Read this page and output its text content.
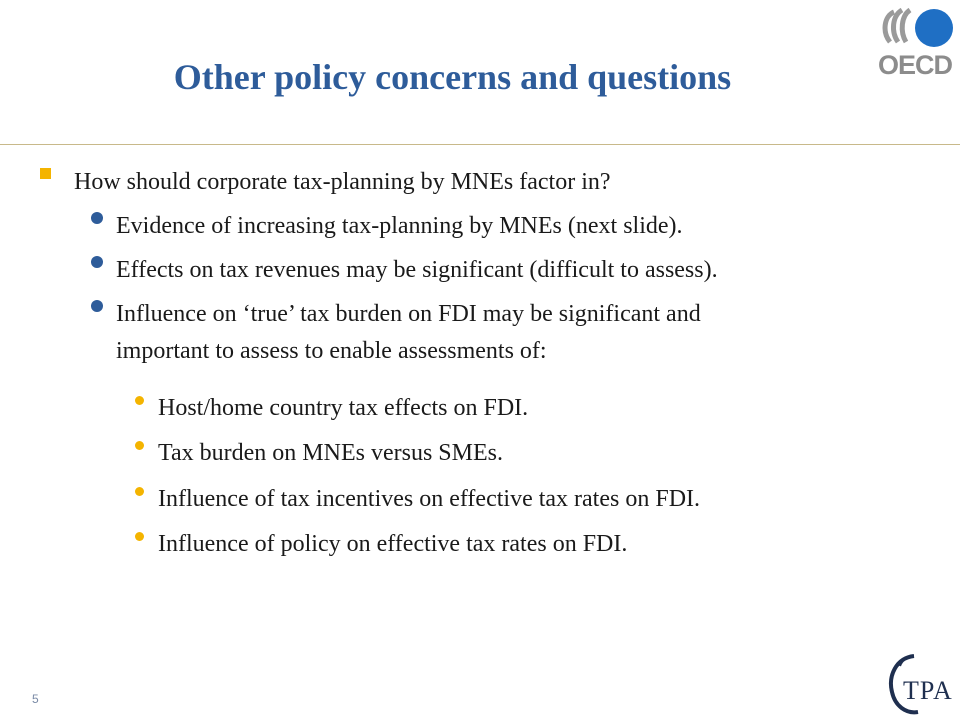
OECD
Other policy concerns and questions
How should corporate tax-planning by MNEs factor in?
Evidence of increasing tax-planning by MNEs (next slide).
Effects on tax revenues may be significant (difficult to assess).
Influence on ‘true’ tax burden on FDI may be significant and
important to assess to enable assessments of:
Host/home country tax effects on FDI.
Tax burden on MNEs versus SMEs.
Influence of tax incentives on effective tax rates on FDI.
Influence of policy on effective tax rates on FDI.
5	TPA
